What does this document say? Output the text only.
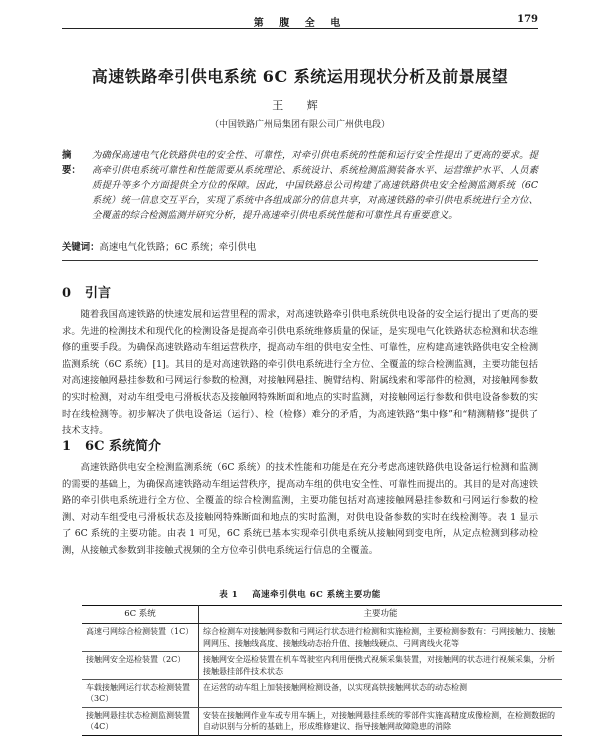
第 腹 全 电	179
高速铁路牵引供电系统 6C 系统运用现状分析及前景展望
王 辉
（中国铁路广州局集团有限公司广州供电段）
摘 要：
为确保高速电气化铁路供电的安全性、可靠性，对牵引供电系统的性能和运行安全性提出了更高的要求。提高牵引供电系统可靠性和性能需要从系统理论、系统设计、系统检测监测装备水平、运营维护水平、人员素质提升等多个方面提供全方位的保障。因此，中国铁路总公司构建了高速铁路供电安全检测监测系统（6C 系统）统一信息交互平台，实现了系统中各组成部分的信息共享，对高速铁路的牵引供电系统进行全方位、全覆盖的综合检测监测并研究分析，提升高速牵引供电系统性能和可靠性具有重要意义。
关键词：高速电气化铁路；6C 系统；牵引供电
0 引言
随着我国高速铁路的快速发展和运营里程的需求，对高速铁路牵引供电系统供电设备的安全运行提出了更高的要求。先进的检测技术和现代化的检测设备是提高牵引供电系统维修质量的保证，是实现电气化铁路状态检测和状态维修的重要手段。为确保高速铁路动车组运营秩序，提高动车组的供电安全性、可靠性，应构建高速铁路供电安全检测监测系统（6C 系统）[1]。其目的是对高速铁路的牵引供电系统进行全方位、全覆盖的综合检测监测，主要功能包括对高速接触网悬挂参数和弓网运行参数的检测，对接触网悬挂、腕臂结构、附属线索和零部件的检测，对接触网参数的实时检测，对动车组受电弓滑板状态及接触网特殊断面和地点的实时监测，对接触网运行参数和供电设备参数的实时在线检测等。初步解决了供电设备运（运行）、检（检修）难分的矛盾，为高速铁路“集中修”和“精测精修”提供了技术支持。
1 6C 系统简介
高速铁路供电安全检测监测系统（6C 系统）的技术性能和功能是在充分考虑高速铁路供电设备运行检测和监测的需要的基础上，为确保高速铁路动车组运营秩序，提高动车组的供电安全性、可靠性而提出的。其目的是对高速铁路的牵引供电系统进行全方位、全覆盖的综合检测监测，主要功能包括对高速接触网悬挂参数和弓网运行参数的检测、对动车组受电弓滑板状态及接触网特殊断面和地点的实时监测，对供电设备参数的实时在线检测等。表 1 显示了 6C 系统的主要功能。由表 1 可见，6C 系统已基本实现牵引供电系统从接触网到变电所，从定点检测到移动检测，从接触式参数到非接触式视频的全方位牵引供电系统运行信息的全覆盖。
表 1 高速牵引供电 6C 系统主要功能
6C 系统	主要功能
高速弓网综合检测装置（1C）	综合检测车对接触网参数和弓网运行状态进行检测和实施检测，主要检测参数有：弓网接触力、接触网网压、接触线高度、接触线动态抬升值、接触线硬点、弓网离线火花等
接触网安全巡检装置（2C）	接触网安全巡检装置在机车驾驶室内利用便携式视频采集装置，对接触网的状态进行视频采集，分析接触悬挂部件技术状态
车载接触网运行状态检测装置（3C）	在运营的动车组上加装接触网检测设备，以实现高铁接触网状态的动态检测
接触网悬挂状态检测监测装置（4C）	安装在接触网作业车或专用车辆上，对接触网悬挂系统的零部件实施高精度成像检测，在检测数据的自动识别与分析的基础上，形成维修建议、指导接触网故障隐患的消除
